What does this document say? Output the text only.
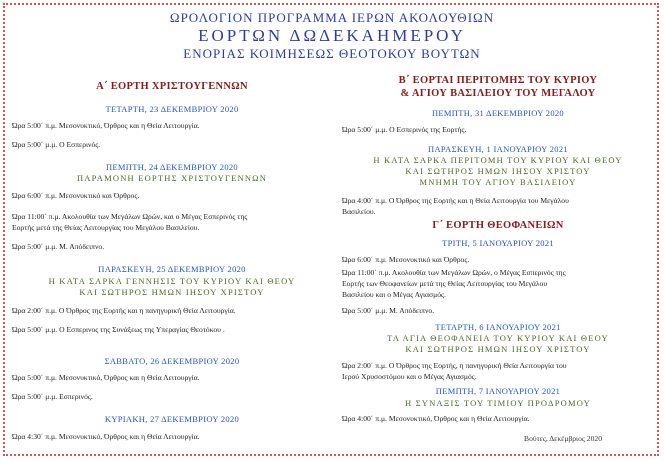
ΩΡΟΛΟΓΙΟΝ ΠΡΟΓΡΑΜΜΑ ΙΕΡΩΝ ΑΚΟΛΟΥΘΙΩΝ
ΕΟΡΤΩΝ ΔΩΔΕΚΑΗΜΕΡΟΥ
ΕΝΟΡΙΑΣ ΚΟΙΜΗΣΕΩΣ ΘΕΟΤΟΚΟΥ ΒΟΥΤΩΝ
Α΄ ΕΟΡΤΗ ΧΡΙΣΤΟΥΓΕΝΝΩΝ
ΤΕΤΑΡΤΗ, 23 ΔΕΚΕΜΒΡΙΟΥ 2020
Ώρα 5:00΄ π.μ. Μεσονυκτικό, Όρθρος και η Θεία Λειτουργία.
Ώρα 5:00΄ μ.μ. Ο Εσπερινός.
ΠΕΜΠΤΗ, 24 ΔΕΚΕΜΒΡΙΟΥ 2020
ΠΑΡΑΜΟΝΗ ΕΟΡΤΗΣ ΧΡΙΣΤΟΥΓΕΝΝΩΝ
Ώρα 6:00΄ π.μ. Μεσονυκτικό και Όρθρος.
Ώρα 11:00΄ π.μ. Ακολουθία των Μεγάλων Ωρών, και ο Μέγας Εσπερινός της
Εορτής μετά της Θείας Λειτουργίας του Μεγάλου Βασιλείου.
Ώρα 5:00΄ μ.μ. Μ. Απόδειπνο.
ΠΑΡΑΣΚΕΥΗ, 25 ΔΕΚΕΜΒΡΙΟΥ 2020
Η ΚΑΤΑ ΣΑΡΚΑ ΓΕΝΝΗΣΙΣ ΤΟΥ ΚΥΡΙΟΥ ΚΑΙ ΘΕΟΥ
ΚΑΙ ΣΩΤΗΡΟΣ ΗΜΩΝ ΙΗΣΟΥ ΧΡΙΣΤΟΥ
Ώρα 2:00΄ π.μ. Ο Όρθρος της Εορτής και η πανηγυρική Θεία Λειτουργία.
Ώρα 5:00΄ μ.μ. Ο Εσπερινος της Συνάξεως της Υπεραγίας Θεοτόκου .
ΣΑΒΒΑΤΟ, 26 ΔΕΚΕΜΒΡΙΟΥ 2020
Ώρα 5:00΄ π.μ. Μεσονυκτικό, Όρθρος και η Θεία Λειτουργία.
Ώρα 5:00΄ μ.μ. Εσπερινός.
ΚΥΡΙΑΚΗ, 27 ΔΕΚΕΜΒΡΙΟΥ 2020
Ώρα 4:30΄ π.μ. Μεσονυκτικό, Όρθρος και η Θεία Λειτουργία.
Β΄ ΕΟΡΤΑΙ ΠΕΡΙΤΟΜΗΣ ΤΟΥ ΚΥΡΙΟΥ
& ΑΓΙΟΥ ΒΑΣΙΛΕΙΟΥ ΤΟΥ ΜΕΓΑΛΟΥ
ΠΕΜΠΤΗ, 31 ΔΕΚΕΜΒΡΙΟΥ 2020
Ώρα 5:00΄ μ.μ. Ο Εσπερινός της Εορτής.
ΠΑΡΑΣΚΕΥΗ, 1 ΙΑΝΟΥΑΡΙΟΥ 2021
Η ΚΑΤΑ ΣΑΡΚΑ ΠΕΡΙΤΟΜΗ ΤΟΥ ΚΥΡΙΟΥ ΚΑΙ ΘΕΟΥ
ΚΑΙ ΣΩΤΗΡΟΣ ΗΜΩΝ ΙΗΣΟΥ ΧΡΙΣΤΟΥ
ΜΝΗΜΗ ΤΟΥ ΑΓΙΟΥ ΒΑΣΙΛΕΙΟΥ
Ώρα 4:00΄ π.μ. Ο Όρθρος της Εορτής και η Θεία Λειτουργία του Μεγάλου
Βασιλείου.
Γ΄ ΕΟΡΤΗ ΘΕΟΦΑΝΕΙΩΝ
ΤΡΙΤΗ, 5 ΙΑΝΟΥΑΡΙΟΥ 2021
Ώρα 6:00΄ π.μ. Μεσονυκτικό και Όρθρος.
Ώρα 11:00΄ π.μ. Ακολουθία των Μεγάλων Ωρών, ο Μέγας Εσπερινός της
Εορτής των Θεοφανείων μετά της Θείας Λειτουργίας του Μεγάλου
Βασιλείου και ο Μέγας Αγιασμός.
Ώρα 5:00΄ μ.μ. Μ. Απόδειπνο.
ΤΕΤΑΡΤΗ, 6 ΙΑΝΟΥΑΡΙΟΥ 2021
ΤΑ ΑΓΙΑ ΘΕΟΦΑΝΕΙΑ ΤΟΥ ΚΥΡΙΟΥ ΚΑΙ ΘΕΟΥ
ΚΑΙ ΣΩΤΗΡΟΣ ΗΜΩΝ ΙΗΣΟΥ ΧΡΙΣΤΟΥ
Ώρα 2:00΄ π.μ. Ο Όρθρος της Εορτής, η πανηγυρική Θεία Λειτουργία του
Ιερού Χρυσοστόμου και ο Μέγας Αγιασμός.
ΠΕΜΠΤΗ, 7 ΙΑΝΟΥΑΡΙΟΥ 2021
Η ΣΥΝΑΞΙΣ ΤΟΥ ΤΙΜΙΟΥ ΠΡΟΔΡΟΜΟΥ
Ώρα 4:00΄ π.μ. Μεσονυκτικό, Όρθρος και η Θεία Λειτουργία.
Βούτες, Δεκέμβριος 2020
